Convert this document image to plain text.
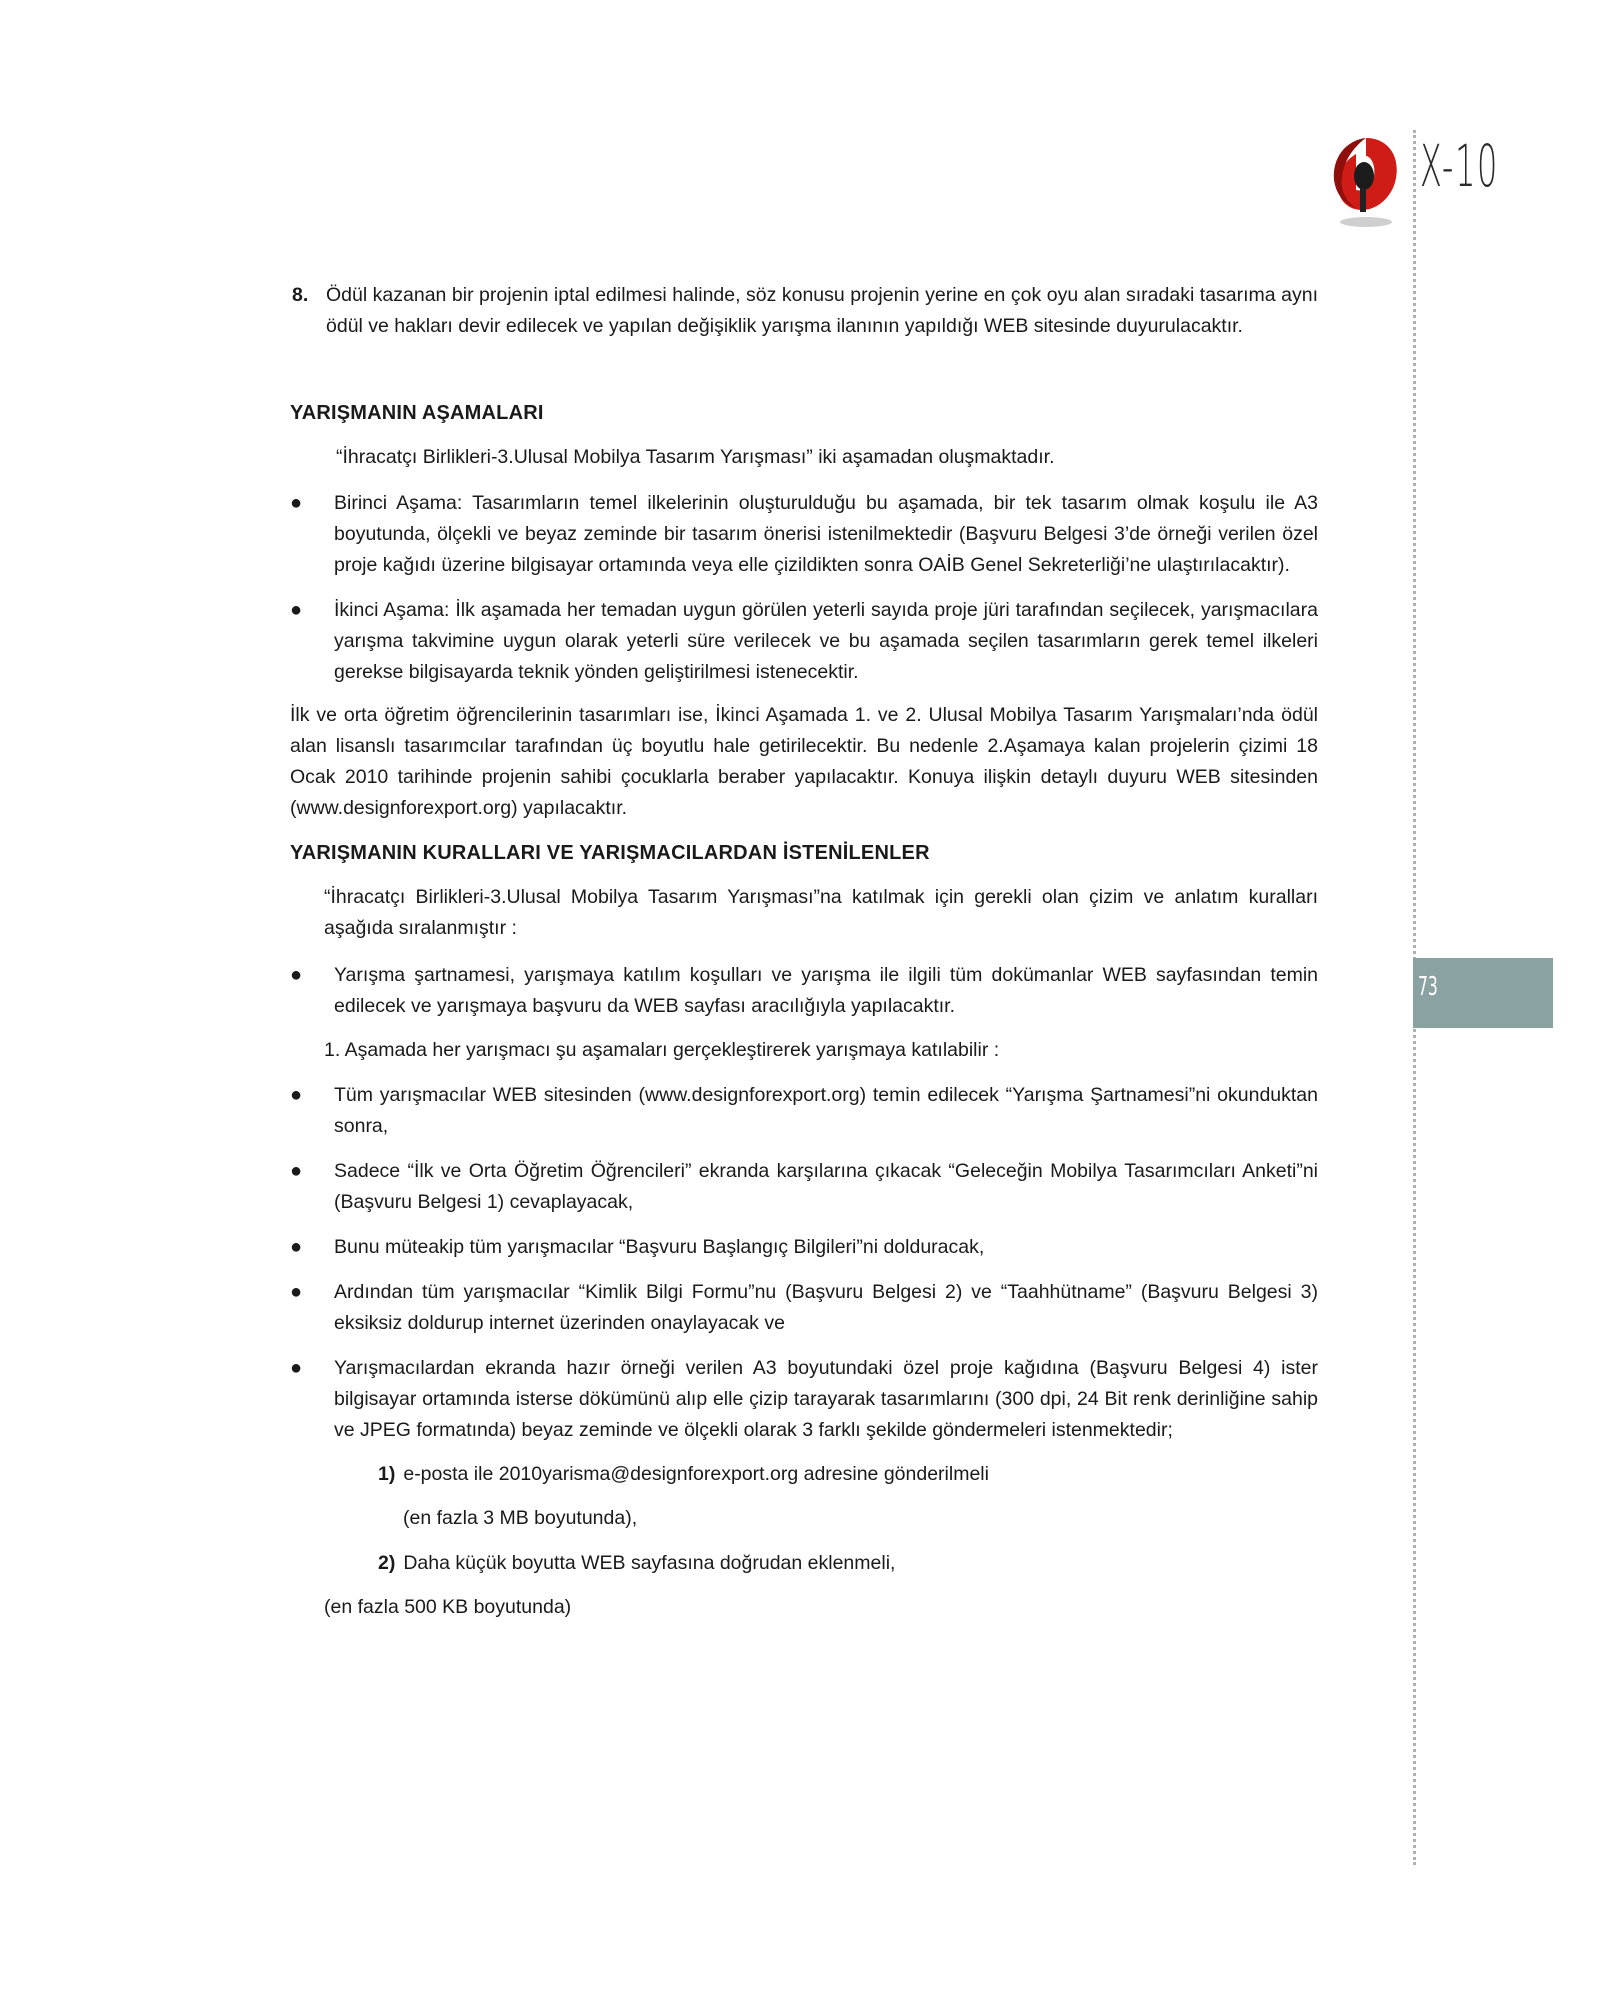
X-10
73
8. Ödül kazanan bir projenin iptal edilmesi halinde, söz konusu projenin yerine en çok oyu alan sıradaki tasarıma aynı ödül ve hakları devir edilecek ve yapılan değişiklik yarışma ilanının yapıldığı WEB sitesinde duyurulacaktır.

YARIŞMANIN AŞAMALARI

“İhracatçı Birlikleri-3.Ulusal Mobilya Tasarım Yarışması” iki aşamadan oluşmaktadır.

●	Birinci Aşama: Tasarımların temel ilkelerinin oluşturulduğu bu aşamada, bir tek tasarım olmak koşulu ile A3 boyutunda, ölçekli ve beyaz zeminde bir tasarım önerisi istenilmektedir (Başvuru Belgesi 3’de örneği verilen özel proje kağıdı üzerine bilgisayar ortamında veya elle çizildikten sonra OAİB Genel Sekreterliği’ne ulaştırılacaktır).

●	İkinci Aşama: İlk aşamada her temadan uygun görülen yeterli sayıda proje jüri tarafından seçilecek, yarışmacılara yarışma takvimine uygun olarak yeterli süre verilecek ve bu aşamada seçilen tasarımların gerek temel ilkeleri gerekse bilgisayarda teknik yönden geliştirilmesi istenecektir.

İlk ve orta öğretim öğrencilerinin tasarımları ise, İkinci Aşamada 1. ve 2. Ulusal Mobilya Tasarım Yarışmaları’nda ödül alan lisanslı tasarımcılar tarafından üç boyutlu hale getirilecektir. Bu nedenle 2.Aşamaya kalan projelerin çizimi 18 Ocak 2010 tarihinde projenin sahibi çocuklarla beraber yapılacaktır. Konuya ilişkin detaylı duyuru WEB sitesinden (www.designforexport.org) yapılacaktır.

YARIŞMANIN KURALLARI VE YARIŞMACILARDAN İSTENİLENLER

“İhracatçı Birlikleri-3.Ulusal Mobilya Tasarım Yarışması”na katılmak için gerekli olan çizim ve anlatım kuralları aşağıda sıralanmıştır :

●	Yarışma şartnamesi, yarışmaya katılım koşulları ve yarışma ile ilgili tüm dokümanlar WEB sayfasından temin edilecek ve yarışmaya başvuru da WEB sayfası aracılığıyla yapılacaktır.

1. Aşamada her yarışmacı şu aşamaları gerçekleştirerek yarışmaya katılabilir :

●	Tüm yarışmacılar WEB sitesinden (www.designforexport.org) temin edilecek “Yarışma Şartnamesi”ni okunduktan sonra,

●	Sadece “İlk ve Orta Öğretim Öğrencileri” ekranda karşılarına çıkacak “Geleceğin Mobilya Tasarımcıları Anketi”ni (Başvuru Belgesi 1) cevaplayacak,

●	Bunu müteakip tüm yarışmacılar “Başvuru Başlangıç Bilgileri”ni dolduracak,

●	Ardından tüm yarışmacılar “Kimlik Bilgi Formu”nu (Başvuru Belgesi 2) ve “Taahhütname” (Başvuru Belgesi 3) eksiksiz doldurup internet üzerinden onaylayacak ve

●	Yarışmacılardan ekranda hazır örneği verilen A3 boyutundaki özel proje kağıdına (Başvuru Belgesi 4) ister bilgisayar ortamında isterse dökümünü alıp elle çizip tarayarak tasarımlarını (300 dpi, 24 Bit renk derinliğine sahip ve JPEG formatında) beyaz zeminde ve ölçekli olarak 3 farklı şekilde göndermeleri istenmektedir;

1) e-posta ile 2010yarisma@designforexport.org adresine gönderilmeli

(en fazla 3 MB boyutunda),

2) Daha küçük boyutta WEB sayfasına doğrudan eklenmeli,

(en fazla 500 KB boyutunda)
